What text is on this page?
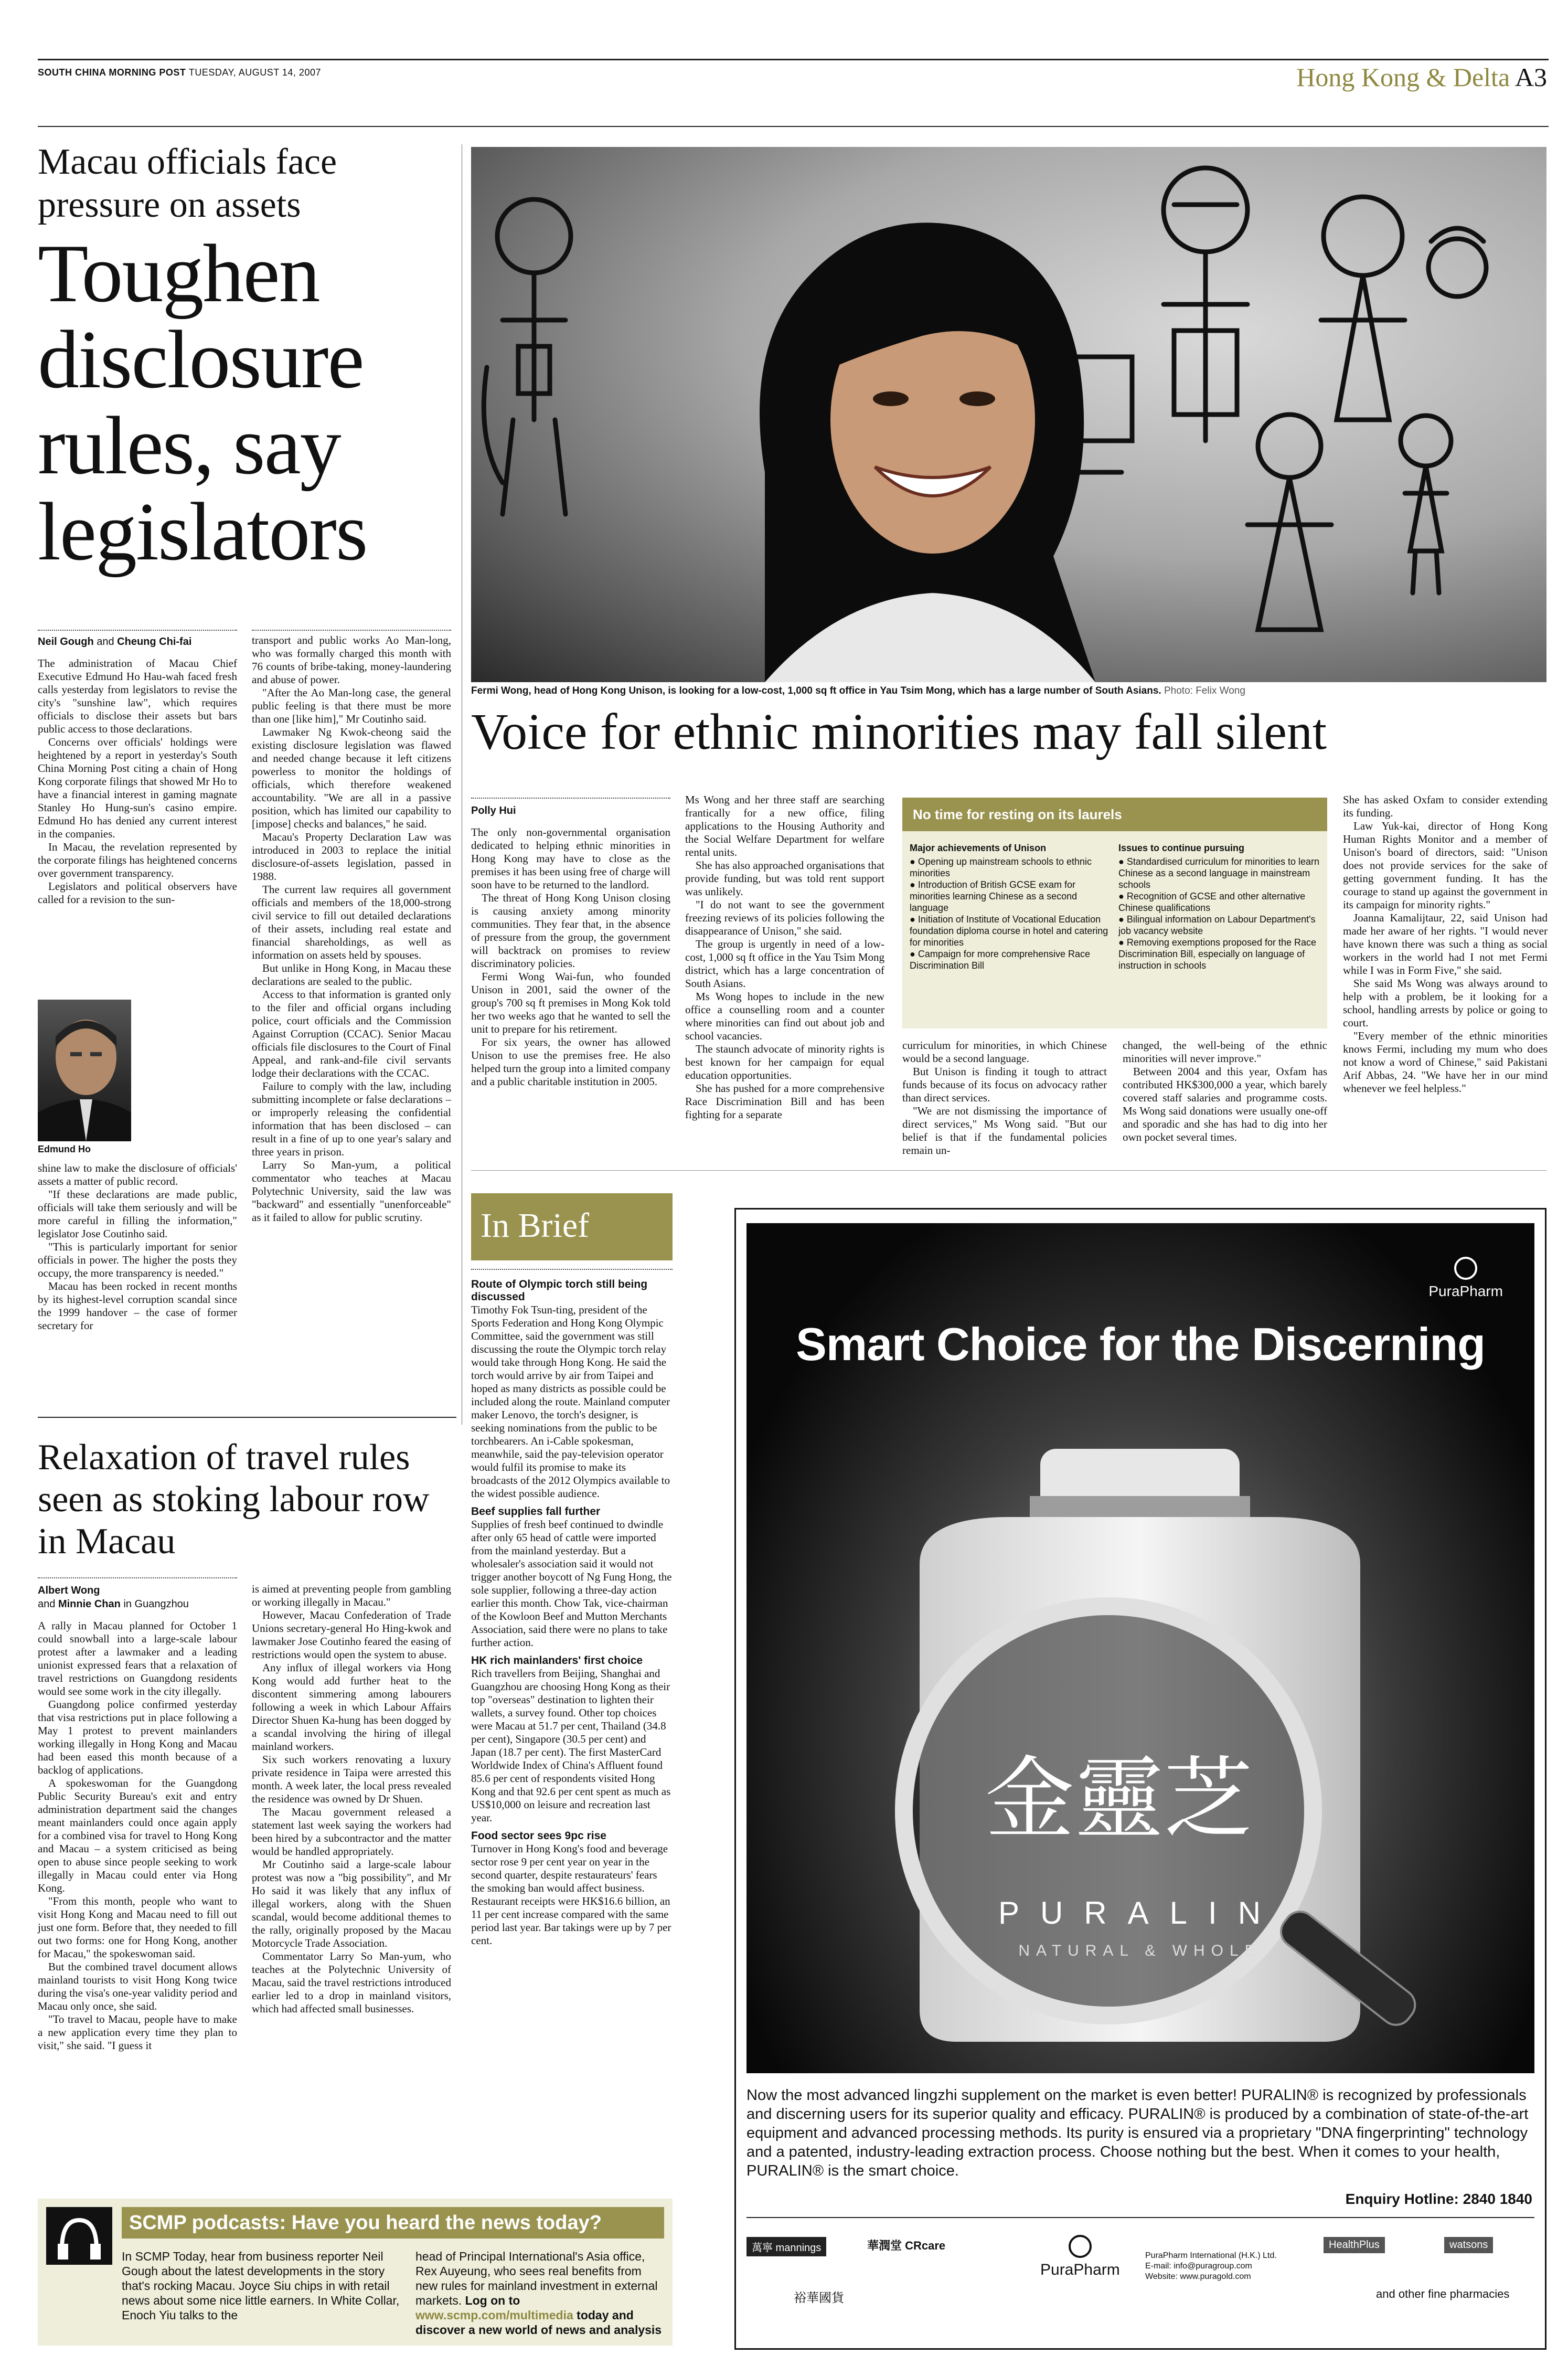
SOUTH CHINA MORNING POST TUESDAY, AUGUST 14, 2007	Hong Kong & Delta A3
Macau officials face pressure on assets
Toughen disclosure rules, say legislators
Neil Gough and Cheung Chi-fai

The administration of Macau Chief Executive Edmund Ho Hau-wah faced fresh calls yesterday from legislators to revise the city's "sunshine law", which requires officials to disclose their assets but bars public access to those declarations.

Concerns over officials' holdings were heightened by a report in yesterday's South China Morning Post citing a chain of Hong Kong corporate filings that showed Mr Ho to have a financial interest in gaming magnate Stanley Ho Hung-sun's casino empire. Edmund Ho has denied any current interest in the companies.

In Macau, the revelation represented by the corporate filings has heightened concerns over government transparency.

Legislators and political observers have called for a revision to the sun-

Edmund Ho

shine law to make the disclosure of officials' assets a matter of public record.

"If these declarations are made public, officials will take them seriously and will be more careful in filling the information," legislator Jose Coutinho said.

"This is particularly important for senior officials in power. The higher the posts they occupy, the more transparency is needed."

Macau has been rocked in recent months by its highest-level corruption scandal since the 1999 handover – the case of former secretary for

transport and public works Ao Man-long, who was formally charged this month with 76 counts of bribe-taking, money-laundering and abuse of power.

"After the Ao Man-long case, the general public feeling is that there must be more than one [like him]," Mr Coutinho said.

Lawmaker Ng Kwok-cheong said the existing disclosure legislation was flawed and needed change because it left citizens powerless to monitor the holdings of officials, which therefore weakened accountability. "We are all in a passive position, which has limited our capability to [impose] checks and balances," he said.

Macau's Property Declaration Law was introduced in 2003 to replace the initial disclosure-of-assets legislation, passed in 1988.

The current law requires all government officials and members of the 18,000-strong civil service to fill out detailed declarations of their assets, including real estate and financial shareholdings, as well as information on assets held by spouses.

But unlike in Hong Kong, in Macau these declarations are sealed to the public.

Access to that information is granted only to the filer and official organs including police, court officials and the Commission Against Corruption (CCAC). Senior Macau officials file disclosures to the Court of Final Appeal, and rank-and-file civil servants lodge their declarations with the CCAC.

Failure to comply with the law, including submitting incomplete or false declarations – or improperly releasing the confidential information that has been disclosed – can result in a fine of up to one year's salary and three years in prison.

Larry So Man-yum, a political commentator who teaches at Macau Polytechnic University, said the law was "backward" and essentially "unenforceable" as it failed to allow for public scrutiny.

Relaxation of travel rules seen as stoking labour row in Macau
Albert Wong
and Minnie Chan in Guangzhou

A rally in Macau planned for October 1 could snowball into a large-scale labour protest after a lawmaker and a leading unionist expressed fears that a relaxation of travel restrictions on Guangdong residents would see some work in the city illegally.

Guangdong police confirmed yesterday that visa restrictions put in place following a May 1 protest to prevent mainlanders working illegally in Hong Kong and Macau had been eased this month because of a backlog of applications.

A spokeswoman for the Guangdong Public Security Bureau's exit and entry administration department said the changes meant mainlanders could once again apply for a combined visa for travel to Hong Kong and Macau – a system criticised as being open to abuse since people seeking to work illegally in Macau could enter via Hong Kong.

"From this month, people who want to visit Hong Kong and Macau need to fill out just one form. Before that, they needed to fill out two forms: one for Hong Kong, another for Macau," the spokeswoman said.

But the combined travel document allows mainland tourists to visit Hong Kong twice during the visa's one-year validity period and Macau only once, she said.

"To travel to Macau, people have to make a new application every time they plan to visit," she said. "I guess it

is aimed at preventing people from gambling or working illegally in Macau."

However, Macau Confederation of Trade Unions secretary-general Ho Hing-kwok and lawmaker Jose Coutinho feared the easing of restrictions would open the system to abuse.

Any influx of illegal workers via Hong Kong would add further heat to the discontent simmering among labourers following a week in which Labour Affairs Director Shuen Ka-hung has been dogged by a scandal involving the hiring of illegal mainland workers.

Six such workers renovating a luxury private residence in Taipa were arrested this month. A week later, the local press revealed the residence was owned by Dr Shuen.

The Macau government released a statement last week saying the workers had been hired by a subcontractor and the matter would be handled appropriately.

Mr Coutinho said a large-scale labour protest was now a "big possibility", and Mr Ho said it was likely that any influx of illegal workers, along with the Shuen scandal, would become additional themes to the rally, originally proposed by the Macau Motorcycle Trade Association.

Commentator Larry So Man-yum, who teaches at the Polytechnic University of Macau, said the travel restrictions introduced earlier led to a drop in mainland visitors, which had affected small businesses.

Fermi Wong, head of Hong Kong Unison, is looking for a low-cost, 1,000 sq ft office in Yau Tsim Mong, which has a large number of South Asians. Photo: Felix Wong
Voice for ethnic minorities may fall silent
Polly Hui

The only non-governmental organisation dedicated to helping ethnic minorities in Hong Kong may have to close as the premises it has been using free of charge will soon have to be returned to the landlord.

The threat of Hong Kong Unison closing is causing anxiety among minority communities. They fear that, in the absence of pressure from the group, the government will backtrack on promises to review discriminatory policies.

Fermi Wong Wai-fun, who founded Unison in 2001, said the owner of the group's 700 sq ft premises in Mong Kok told her two weeks ago that he wanted to sell the unit to prepare for his retirement.

For six years, the owner has allowed Unison to use the premises free. He also helped turn the group into a limited company and a public charitable institution in 2005.

Ms Wong and her three staff are searching frantically for a new office, filing applications to the Housing Authority and the Social Welfare Department for welfare rental units.

She has also approached organisations that provide funding, but was told rent support was unlikely.

"I do not want to see the government freezing reviews of its policies following the disappearance of Unison," she said.

The group is urgently in need of a low-cost, 1,000 sq ft office in the Yau Tsim Mong district, which has a large concentration of South Asians.

Ms Wong hopes to include in the new office a counselling room and a counter where minorities can find out about job and school vacancies.

The staunch advocate of minority rights is best known for her campaign for equal education opportunities.

She has pushed for a more comprehensive Race Discrimination Bill and has been fighting for a separate

No time for resting on its laurels
Major achievements of Unison
● Opening up mainstream schools to ethnic minorities
● Introduction of British GCSE exam for minorities learning Chinese as a second language
● Initiation of Institute of Vocational Education foundation diploma course in hotel and catering for minorities
● Campaign for more comprehensive Race Discrimination Bill
Issues to continue pursuing
● Standardised curriculum for minorities to learn Chinese as a second language in mainstream schools
● Recognition of GCSE and other alternative Chinese qualifications
● Bilingual information on Labour Department's job vacancy website
● Removing exemptions proposed for the Race Discrimination Bill, especially on language of instruction in schools

curriculum for minorities, in which Chinese would be a second language.

But Unison is finding it tough to attract funds because of its focus on advocacy rather than direct services.

"We are not dismissing the importance of direct services," Ms Wong said. "But our belief is that if the fundamental policies remain un-

changed, the well-being of the ethnic minorities will never improve."

Between 2004 and this year, Oxfam has contributed HK$300,000 a year, which barely covered staff salaries and programme costs. Ms Wong said donations were usually one-off and sporadic and she has had to dig into her own pocket several times.

She has asked Oxfam to consider extending its funding.

Law Yuk-kai, director of Hong Kong Human Rights Monitor and a member of Unison's board of directors, said: "Unison does not provide services for the sake of getting government funding. It has the courage to stand up against the government in its campaign for minority rights."

Joanna Kamalijtaur, 22, said Unison had made her aware of her rights. "I would never have known there was such a thing as social workers in the world had I not met Fermi while I was in Form Five," she said.

She said Ms Wong was always around to help with a problem, be it looking for a school, handling arrests by police or going to court.

"Every member of the ethnic minorities knows Fermi, including my mum who does not know a word of Chinese," said Pakistani Arif Abbas, 24. "We have her in our mind whenever we feel helpless."

In Brief
Route of Olympic torch still being discussed
Timothy Fok Tsun-ting, president of the Sports Federation and Hong Kong Olympic Committee, said the government was still discussing the route the Olympic torch relay would take through Hong Kong. He said the torch would arrive by air from Taipei and hoped as many districts as possible could be included along the route. Mainland computer maker Lenovo, the torch's designer, is seeking nominations from the public to be torchbearers. An i-Cable spokesman, meanwhile, said the pay-television operator would fulfil its promise to make its broadcasts of the 2012 Olympics available to the widest possible audience.
Beef supplies fall further
Supplies of fresh beef continued to dwindle after only 65 head of cattle were imported from the mainland yesterday. But a wholesaler's association said it would not trigger another boycott of Ng Fung Hong, the sole supplier, following a three-day action earlier this month. Chow Tak, vice-chairman of the Kowloon Beef and Mutton Merchants Association, said there were no plans to take further action.
HK rich mainlanders' first choice
Rich travellers from Beijing, Shanghai and Guangzhou are choosing Hong Kong as their top "overseas" destination to lighten their wallets, a survey found. Other top choices were Macau at 51.7 per cent, Thailand (34.8 per cent), Singapore (30.5 per cent) and Japan (18.7 per cent). The first MasterCard Worldwide Index of China's Affluent found 85.6 per cent of respondents visited Hong Kong and that 92.6 per cent spent as much as US$10,000 on leisure and recreation last year.
Food sector sees 9pc rise
Turnover in Hong Kong's food and beverage sector rose 9 per cent year on year in the second quarter, despite restaurateurs' fears the smoking ban would affect business. Restaurant receipts were HK$16.6 billion, an 11 per cent increase compared with the same period last year. Bar takings were up by 7 per cent.
PuraPharm
Smart Choice for the Discerning
金靈芝
PURALIN
NATURAL & WHOLE
Now the most advanced lingzhi supplement on the market is even better! PURALIN® is recognized by professionals and discerning users for its superior quality and efficacy. PURALIN® is produced by a combination of state-of-the-art equipment and advanced processing methods. Its purity is ensured via a proprietary "DNA fingerprinting" technology and a patented, industry-leading extraction process. Choose nothing but the best. When it comes to your health, PURALIN® is the smart choice.
Enquiry Hotline: 2840 1840
萬寧 mannings	華潤堂 CRcare
裕華國貨
PuraPharm
PuraPharm International (H.K.) Ltd.
E-mail: info@puragroup.com
Website: www.puragold.com
HealthPlus	watsons
and other fine pharmacies
SCMP podcasts: Have you heard the news today?
In SCMP Today, hear from business reporter Neil Gough about the latest developments in the story that's rocking Macau. Joyce Siu chips in with retail news about some nice little earners. In White Collar, Enoch Yiu talks to the
head of Principal International's Asia office, Rex Auyeung, who sees real benefits from new rules for mainland investment in external markets. Log on to www.scmp.com/multimedia today and discover a new world of news and analysis
